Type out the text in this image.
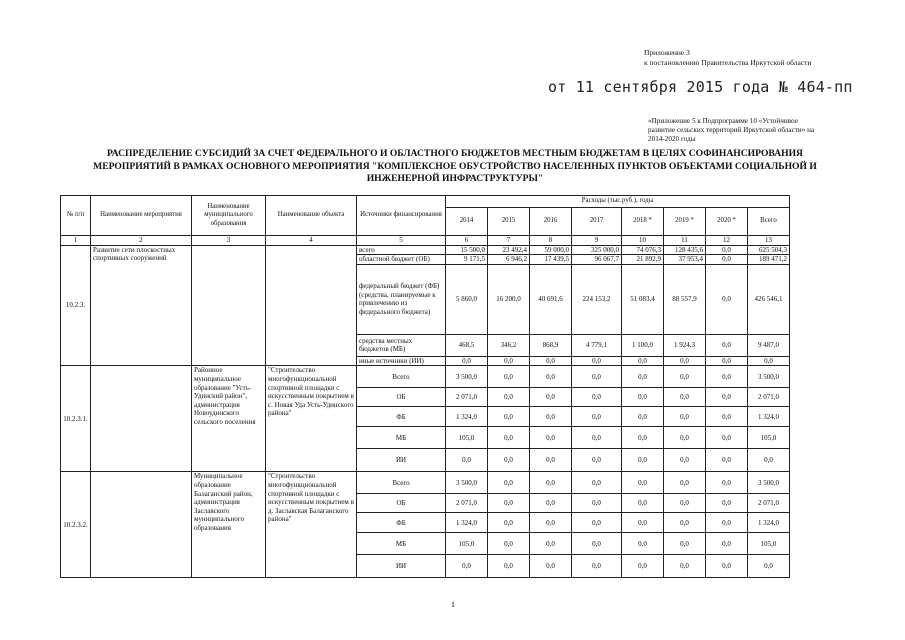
Приложение 3
к постановлению Правительства Иркутской области
от 11 сентября 2015 года № 464-пп
«Приложение 5 к Подпрограмме 10 «Устойчивое
развитие сельских территорий Иркутской области» на
2014-2020 годы
РАСПРЕДЕЛЕНИЕ СУБСИДИЙ ЗА СЧЕТ ФЕДЕРАЛЬНОГО И ОБЛАСТНОГО БЮДЖЕТОВ МЕСТНЫМ БЮДЖЕТАМ В ЦЕЛЯХ СОФИНАНСИРОВАНИЯ
МЕРОПРИЯТИЙ В РАМКАХ ОСНОВНОГО МЕРОПРИЯТИЯ "КОМПЛЕКСНОЕ ОБУСТРОЙСТВО НАСЕЛЕННЫХ ПУНКТОВ ОБЪЕКТАМИ СОЦИАЛЬНОЙ И
ИНЖЕНЕРНОЙ ИНФРАСТРУКТУРЫ"
№ п/п	Наименование мероприятия	Наименование муниципального образования	Наименование объекта	Источники финансирования	Расходы (тыс.руб.), годы							
					2014	2015	2016	2017	2018 *	2019 *	2020 *	Всего
1	2	3	4	5	6	7	8	9	10	11	12	13
10.2.3.	Развитие сети плоскостных спортивных сооружений			всего	15 500,0	23 492,4	59 000,0	325 000,0	74 076,3	128 435,6	0,0	625 504,3
				областной бюджет (ОБ)	9 171,5	6 946,2	17 439,5	96 067,7	21 892,9	37 953,4	0,0	189 471,2
				федеральный бюджет (ФБ) (средства, планируемые к привлечению из федерального бюджета)	5 860,0	16 200,0	40 691,6	224 153,2	51 083,4	88 557,9	0,0	426 546,1
				средства местных бюджетов (МБ)	468,5	346,2	868,9	4 779,1	1 100,0	1 924,3	0,0	9 487,0
				иные источники (ИИ)	0,0	0,0	0,0	0,0	0,0	0,0	0,0	0,0
10.2.3.1.		Районное муниципальное образование "Усть-Удинский район", администрация Новоудинского сельского поселения	"Строительство многофункциональной спортивной площадки с искусственным покрытием в с. Новая Уда Усть-Удинского района"	Всего	3 500,0	0,0	0,0	0,0	0,0	0,0	0,0	3 500,0
				ОБ	2 071,0	0,0	0,0	0,0	0,0	0,0	0,0	2 071,0
				ФБ	1 324,0	0,0	0,0	0,0	0,0	0,0	0,0	1 324,0
				МБ	105,0	0,0	0,0	0,0	0,0	0,0	0,0	105,0
				ИИ	0,0	0,0	0,0	0,0	0,0	0,0	0,0	0,0
10.2.3.2.		Муниципальное образование Балаганский район, администрация Заславского муниципального образования	"Строительство многофункциональной спортивной площадки с искусственным покрытием в д. Заславская Балаганского района"	Всего	3 500,0	0,0	0,0	0,0	0,0	0,0	0,0	3 500,0
				ОБ	2 071,0	0,0	0,0	0,0	0,0	0,0	0,0	2 071,0
				ФБ	1 324,0	0,0	0,0	0,0	0,0	0,0	0,0	1 324,0
				МБ	105,0	0,0	0,0	0,0	0,0	0,0	0,0	105,0
				ИИ	0,0	0,0	0,0	0,0	0,0	0,0	0,0	0,0
1
